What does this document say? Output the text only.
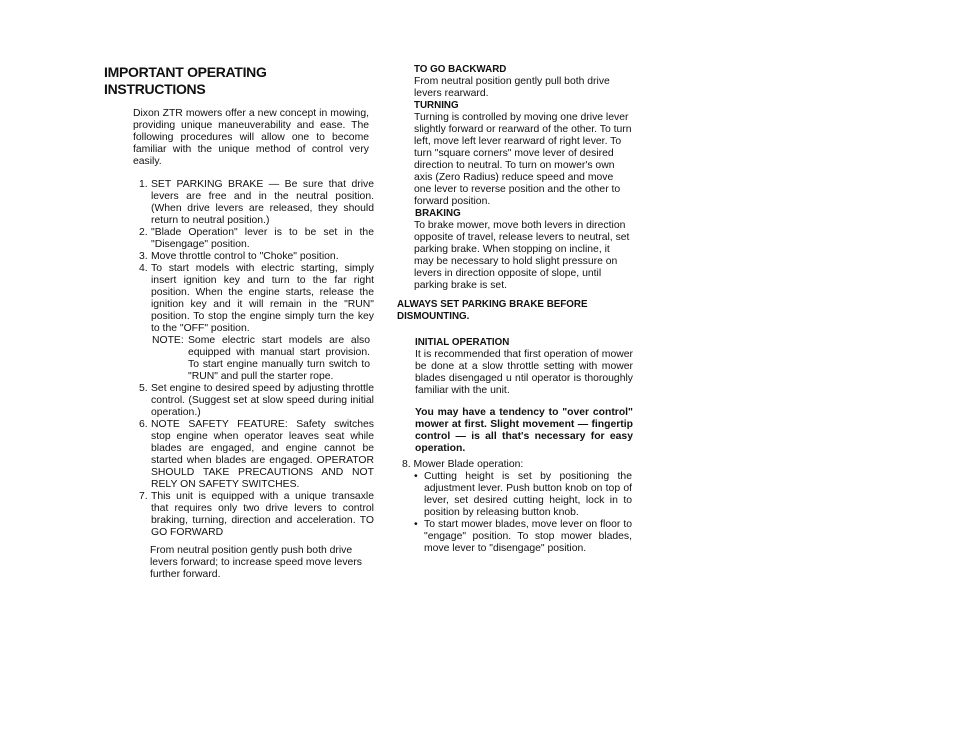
IMPORTANT OPERATING INSTRUCTIONS
Dixon ZTR mowers offer a new concept in mowing, providing unique maneuverability and ease. The following procedures will allow one to become familiar with the unique method of control very easily.
1. SET PARKING BRAKE — Be sure that drive levers are free and in the neutral position. (When drive levers are released, they should return to neutral position.)
2. "Blade Operation" lever is to be set in the "Disengage" position.
3. Move throttle control to "Choke" position.
4. To start models with electric starting, simply insert ignition key and turn to the far right position. When the engine starts, release the ignition key and it will remain in the "RUN" position. To stop the engine simply turn the key to the "OFF" position.
NOTE: Some electric start models are also equipped with manual start provision. To start engine manually turn switch to "RUN" and pull the starter rope.
5. Set engine to desired speed by adjusting throttle control. (Suggest set at slow speed during initial operation.)
6. NOTE SAFETY FEATURE: Safety switches stop engine when operator leaves seat while blades are engaged, and engine cannot be started when blades are engaged. OPERATOR SHOULD TAKE PRECAUTIONS AND NOT RELY ON SAFETY SWITCHES.
7. This unit is equipped with a unique transaxle that requires only two drive levers to control braking, turning, direction and acceleration. TO GO FORWARD
From neutral position gently push both drive levers forward; to increase speed move levers further forward.
TO GO BACKWARD
From neutral position gently pull both drive levers rearward.
TURNING
Turning is controlled by moving one drive lever slightly forward or rearward of the other. To turn left, move left lever rearward of right lever. To turn "square corners" move lever of desired direction to neutral. To turn on mower's own axis (Zero Radius) reduce speed and move one lever to reverse position and the other to forward position.
BRAKING
To brake mower, move both levers in direction opposite of travel, release levers to neutral, set parking brake. When stopping on incline, it may be necessary to hold slight pressure on levers in direction opposite of slope, until parking brake is set.
ALWAYS SET PARKING BRAKE BEFORE DISMOUNTING.
INITIAL OPERATION
It is recommended that first operation of mower be done at a slow throttle setting with mower blades disengaged u ntil operator is thoroughly familiar with the unit.
You may have a tendency to "over control" mower at first. Slight movement — fingertip control — is all that's necessary for easy operation.
8. Mower Blade operation:
• Cutting height is set by positioning the adjustment lever. Push button knob on top of lever, set desired cutting height, lock in to position by releasing button knob.
• To start mower blades, move lever on floor to "engage" position. To stop mower blades, move lever to "disengage" position.
